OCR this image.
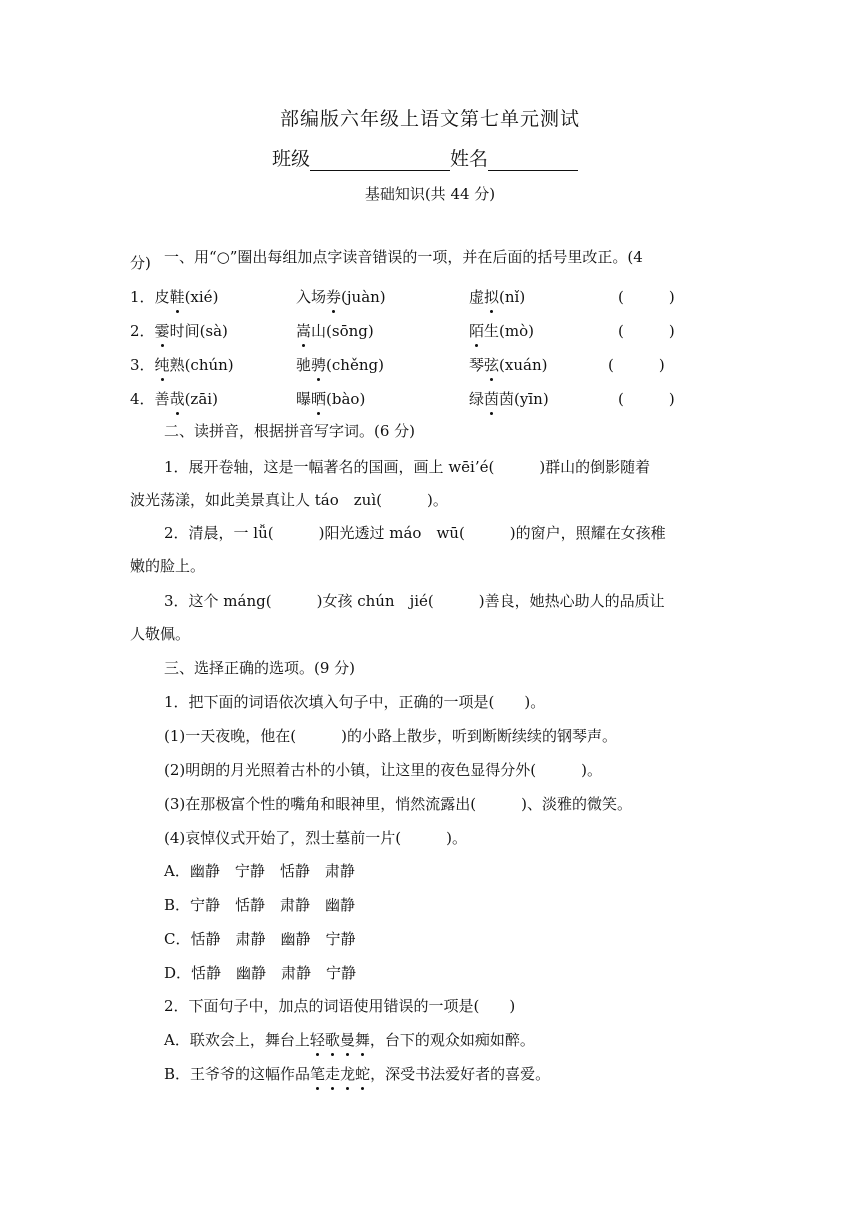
部编版六年级上语文第七单元测试
班级	姓名
基础知识(共 44 分)
一、用“○”圈出每组加点字读音错误的一项，并在后面的括号里改正。(4
分)
1．皮鞋(xié)	入场券(juàn)	虚拟(nǐ)	(　　　)
2．霎时间(sà)	嵩山(sōng)	陌生(mò)	(　　　)
3．纯熟(chún)	驰骋(chěng)	琴弦(xuán)	(　　　)
4．善哉(zāi)	曝晒(bào)	绿茵茵(yīn)	(　　　)
二、读拼音，根据拼音写字词。(6 分)
1．展开卷轴，这是一幅著名的国画，画上 wēi’é(　　　)群山的倒影随着
波光荡漾，如此美景真让人 táo　zuì(　　　)。
2．清晨，一 lǚ(　　　)阳光透过 máo　wū(　　　)的窗户，照耀在女孩稚
嫩的脸上。
3．这个 máng(　　　)女孩 chún　jié(　　　)善良，她热心助人的品质让
人敬佩。
三、选择正确的选项。(9 分)
1．把下面的词语依次填入句子中，正确的一项是(　　)。
(1)一天夜晚，他在(　　　)的小路上散步，听到断断续续的钢琴声。
(2)明朗的月光照着古朴的小镇，让这里的夜色显得分外(　　　)。
(3)在那极富个性的嘴角和眼神里，悄然流露出(　　　)、淡雅的微笑。
(4)哀悼仪式开始了，烈士墓前一片(　　　)。
A．幽静　宁静　恬静　肃静
B．宁静　恬静　肃静　幽静
C．恬静　肃静　幽静　宁静
D．恬静　幽静　肃静　宁静
2．下面句子中，加点的词语使用错误的一项是(　　)
A．联欢会上，舞台上轻歌曼舞，台下的观众如痴如醉。
B．王爷爷的这幅作品笔走龙蛇，深受书法爱好者的喜爱。
